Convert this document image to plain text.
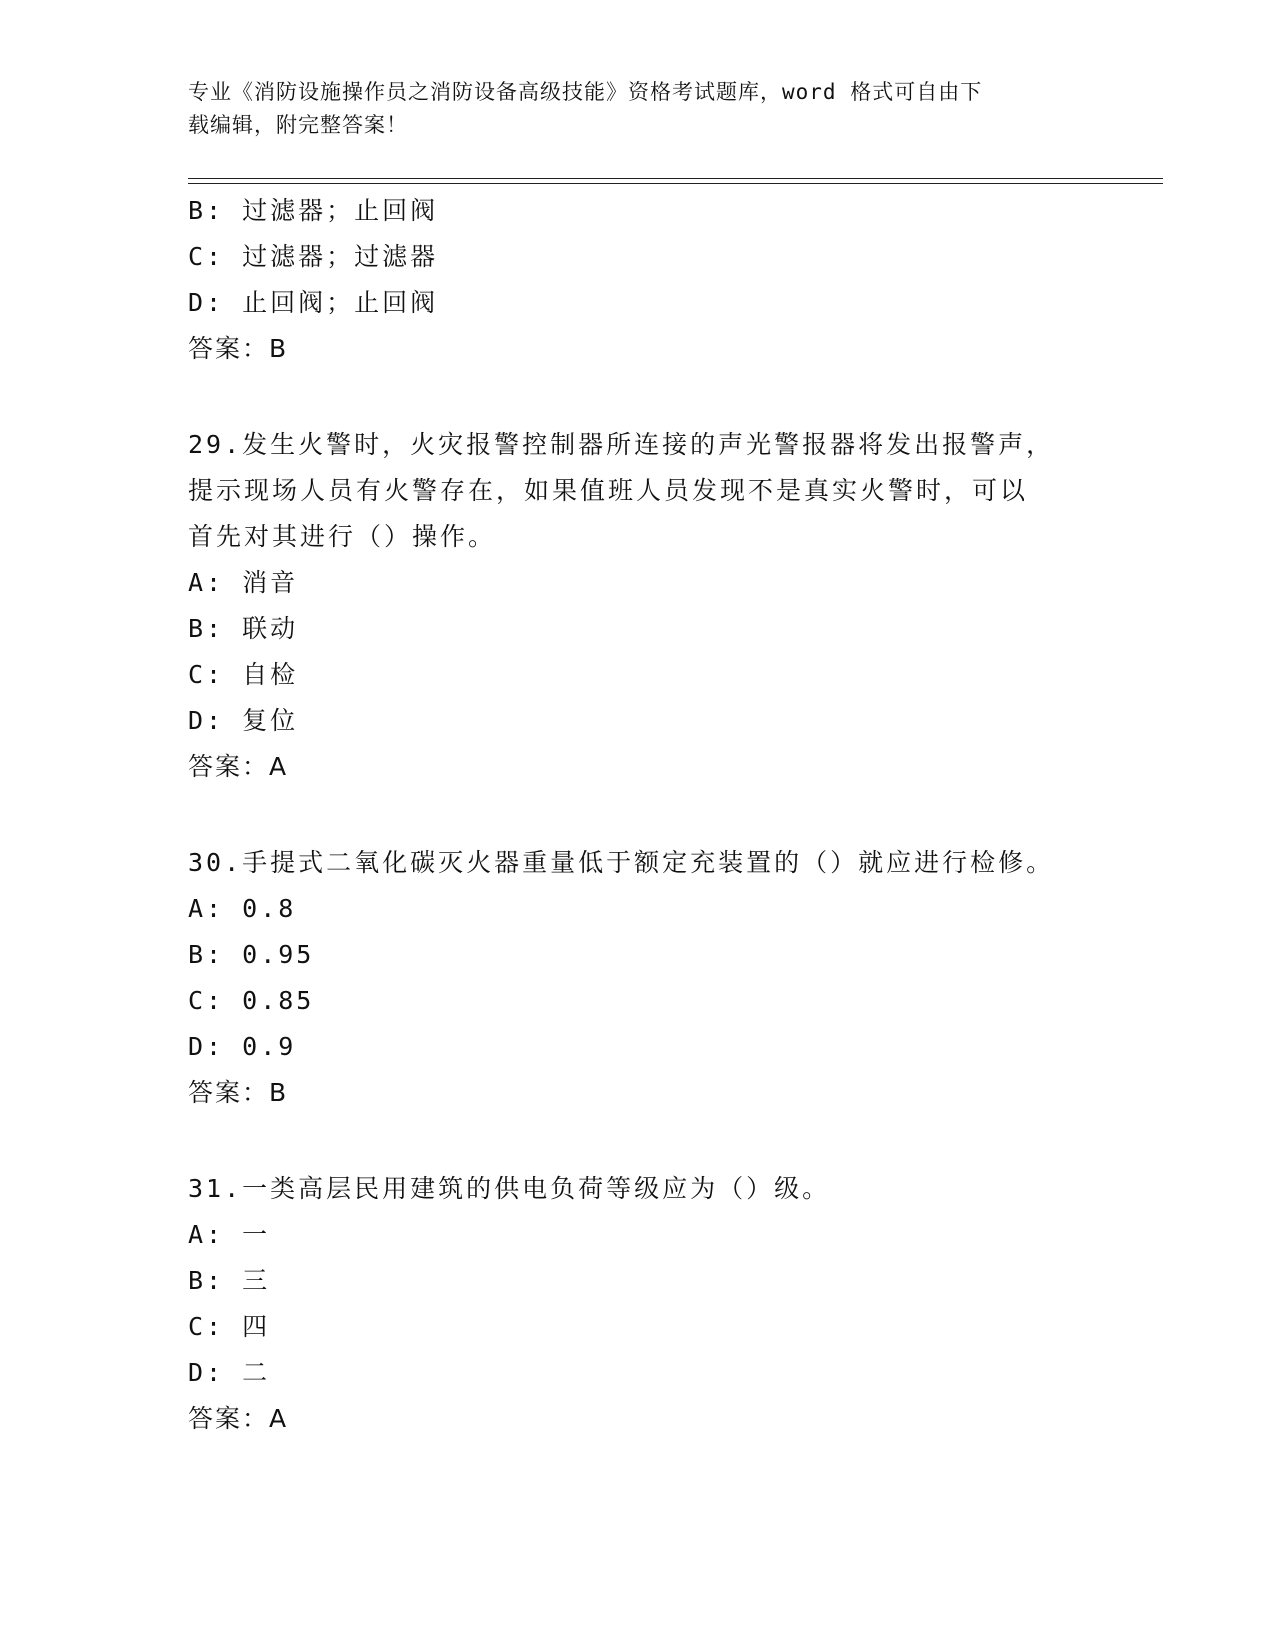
专业《消防设施操作员之消防设备高级技能》资格考试题库，word 格式可自由下
载编辑，附完整答案！
B: 过滤器；止回阀
C: 过滤器；过滤器
D: 止回阀；止回阀
答案：B
29.发生火警时，火灾报警控制器所连接的声光警报器将发出报警声，
提示现场人员有火警存在，如果值班人员发现不是真实火警时，可以
首先对其进行（）操作。
A: 消音
B: 联动
C: 自检
D: 复位
答案：A
30.手提式二氧化碳灭火器重量低于额定充装置的（）就应进行检修。
A: 0.8
B: 0.95
C: 0.85
D: 0.9
答案：B
31.一类高层民用建筑的供电负荷等级应为（）级。
A: 一
B: 三
C: 四
D: 二
答案：A
